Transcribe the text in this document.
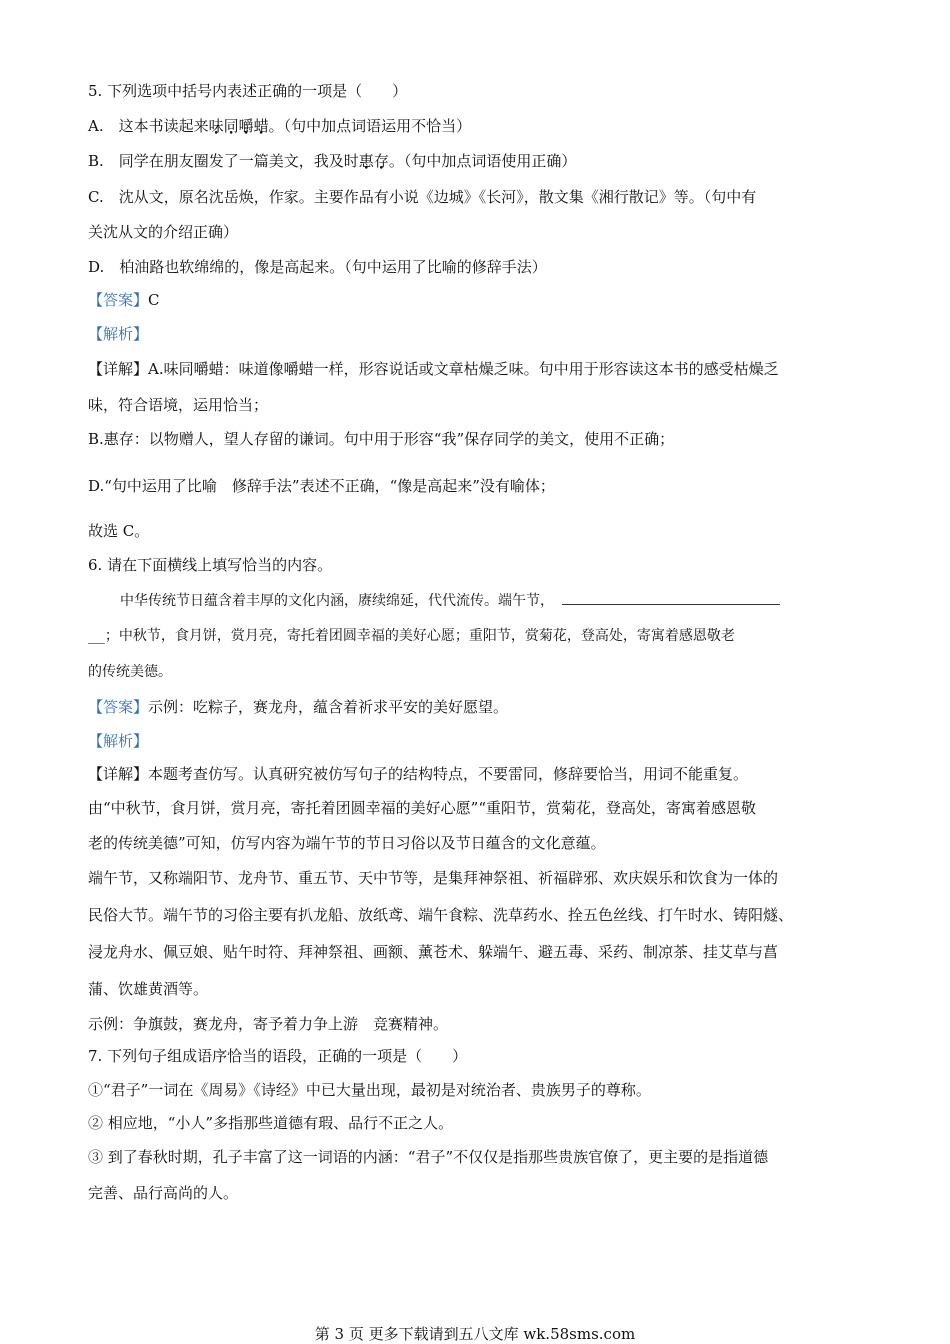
5. 下列选项中括号内表述正确的一项是（　　）
A.　这本书读起来味同嚼蜡。（句中加点词语运用不恰当）
B.　同学在朋友圈发了一篇美文，我及时惠存。（句中加点词语使用正确）
C.　沈从文，原名沈岳焕，作家。主要作品有小说《边城》《长河》，散文集《湘行散记》等。（句中有
关沈从文的介绍正确）
D.　柏油路也软绵绵的，像是高起来。（句中运用了比喻的修辞手法）
【答案】C
【解析】
【详解】A.味同嚼蜡：味道像嚼蜡一样，形容说话或文章枯燥乏味。句中用于形容读这本书的感受枯燥乏
味，符合语境，运用恰当；
B.惠存：以物赠人，望人存留的谦词。句中用于形容“我”保存同学的美文，使用不正确；
D.“句中运用了比喻　修辞手法”表述不正确，“像是高起来”没有喻体；
故选 C。
6. 请在下面横线上填写恰当的内容。
中华传统节日蕴含着丰厚的文化内涵，赓续绵延，代代流传。端午节，
__；中秋节，食月饼，赏月亮，寄托着团圆幸福的美好心愿；重阳节，赏菊花，登高处，寄寓着感恩敬老
的传统美德。
【答案】示例：吃粽子，赛龙舟，蕴含着祈求平安的美好愿望。
【解析】
【详解】本题考查仿写。认真研究被仿写句子的结构特点，不要雷同，修辞要恰当，用词不能重复。
由“中秋节，食月饼，赏月亮，寄托着团圆幸福的美好心愿”“重阳节，赏菊花，登高处，寄寓着感恩敬
老的传统美德”可知，仿写内容为端午节的节日习俗以及节日蕴含的文化意蕴。
端午节，又称端阳节、龙舟节、重五节、天中节等，是集拜神祭祖、祈福辟邪、欢庆娱乐和饮食为一体的
民俗大节。端午节的习俗主要有扒龙船、放纸鸢、端午食粽、洗草药水、拴五色丝线、打午时水、铸阳燧、
浸龙舟水、佩豆娘、贴午时符、拜神祭祖、画额、薰苍术、躲端午、避五毒、采药、制凉茶、挂艾草与菖
蒲、饮雄黄酒等。
示例：争旗鼓，赛龙舟，寄予着力争上游　竞赛精神。
7. 下列句子组成语序恰当的语段，正确的一项是（　　）
①“君子”一词在《周易》《诗经》中已大量出现，最初是对统治者、贵族男子的尊称。
② 相应地，“小人”多指那些道德有瑕、品行不正之人。
③ 到了春秋时期，孔子丰富了这一词语的内涵：“君子”不仅仅是指那些贵族官僚了，更主要的是指道德
完善、品行高尚的人。
第 3 页 更多下载请到五八文库 wk.58sms.com
